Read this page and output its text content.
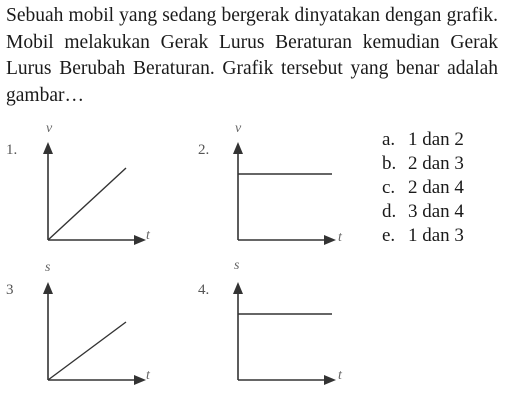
Sebuah mobil yang sedang bergerak dinyatakan dengan grafik. Mobil melakukan Gerak Lurus Beraturan kemudian Gerak Lurus Berubah Beraturan. Grafik tersebut yang benar adalah gambar…

1.
v
t
2.
v
t
3
s
t
4.
s
t
a. 1 dan 2
b. 2 dan 3
c. 2 dan 4
d. 3 dan 4
e. 1 dan 3
